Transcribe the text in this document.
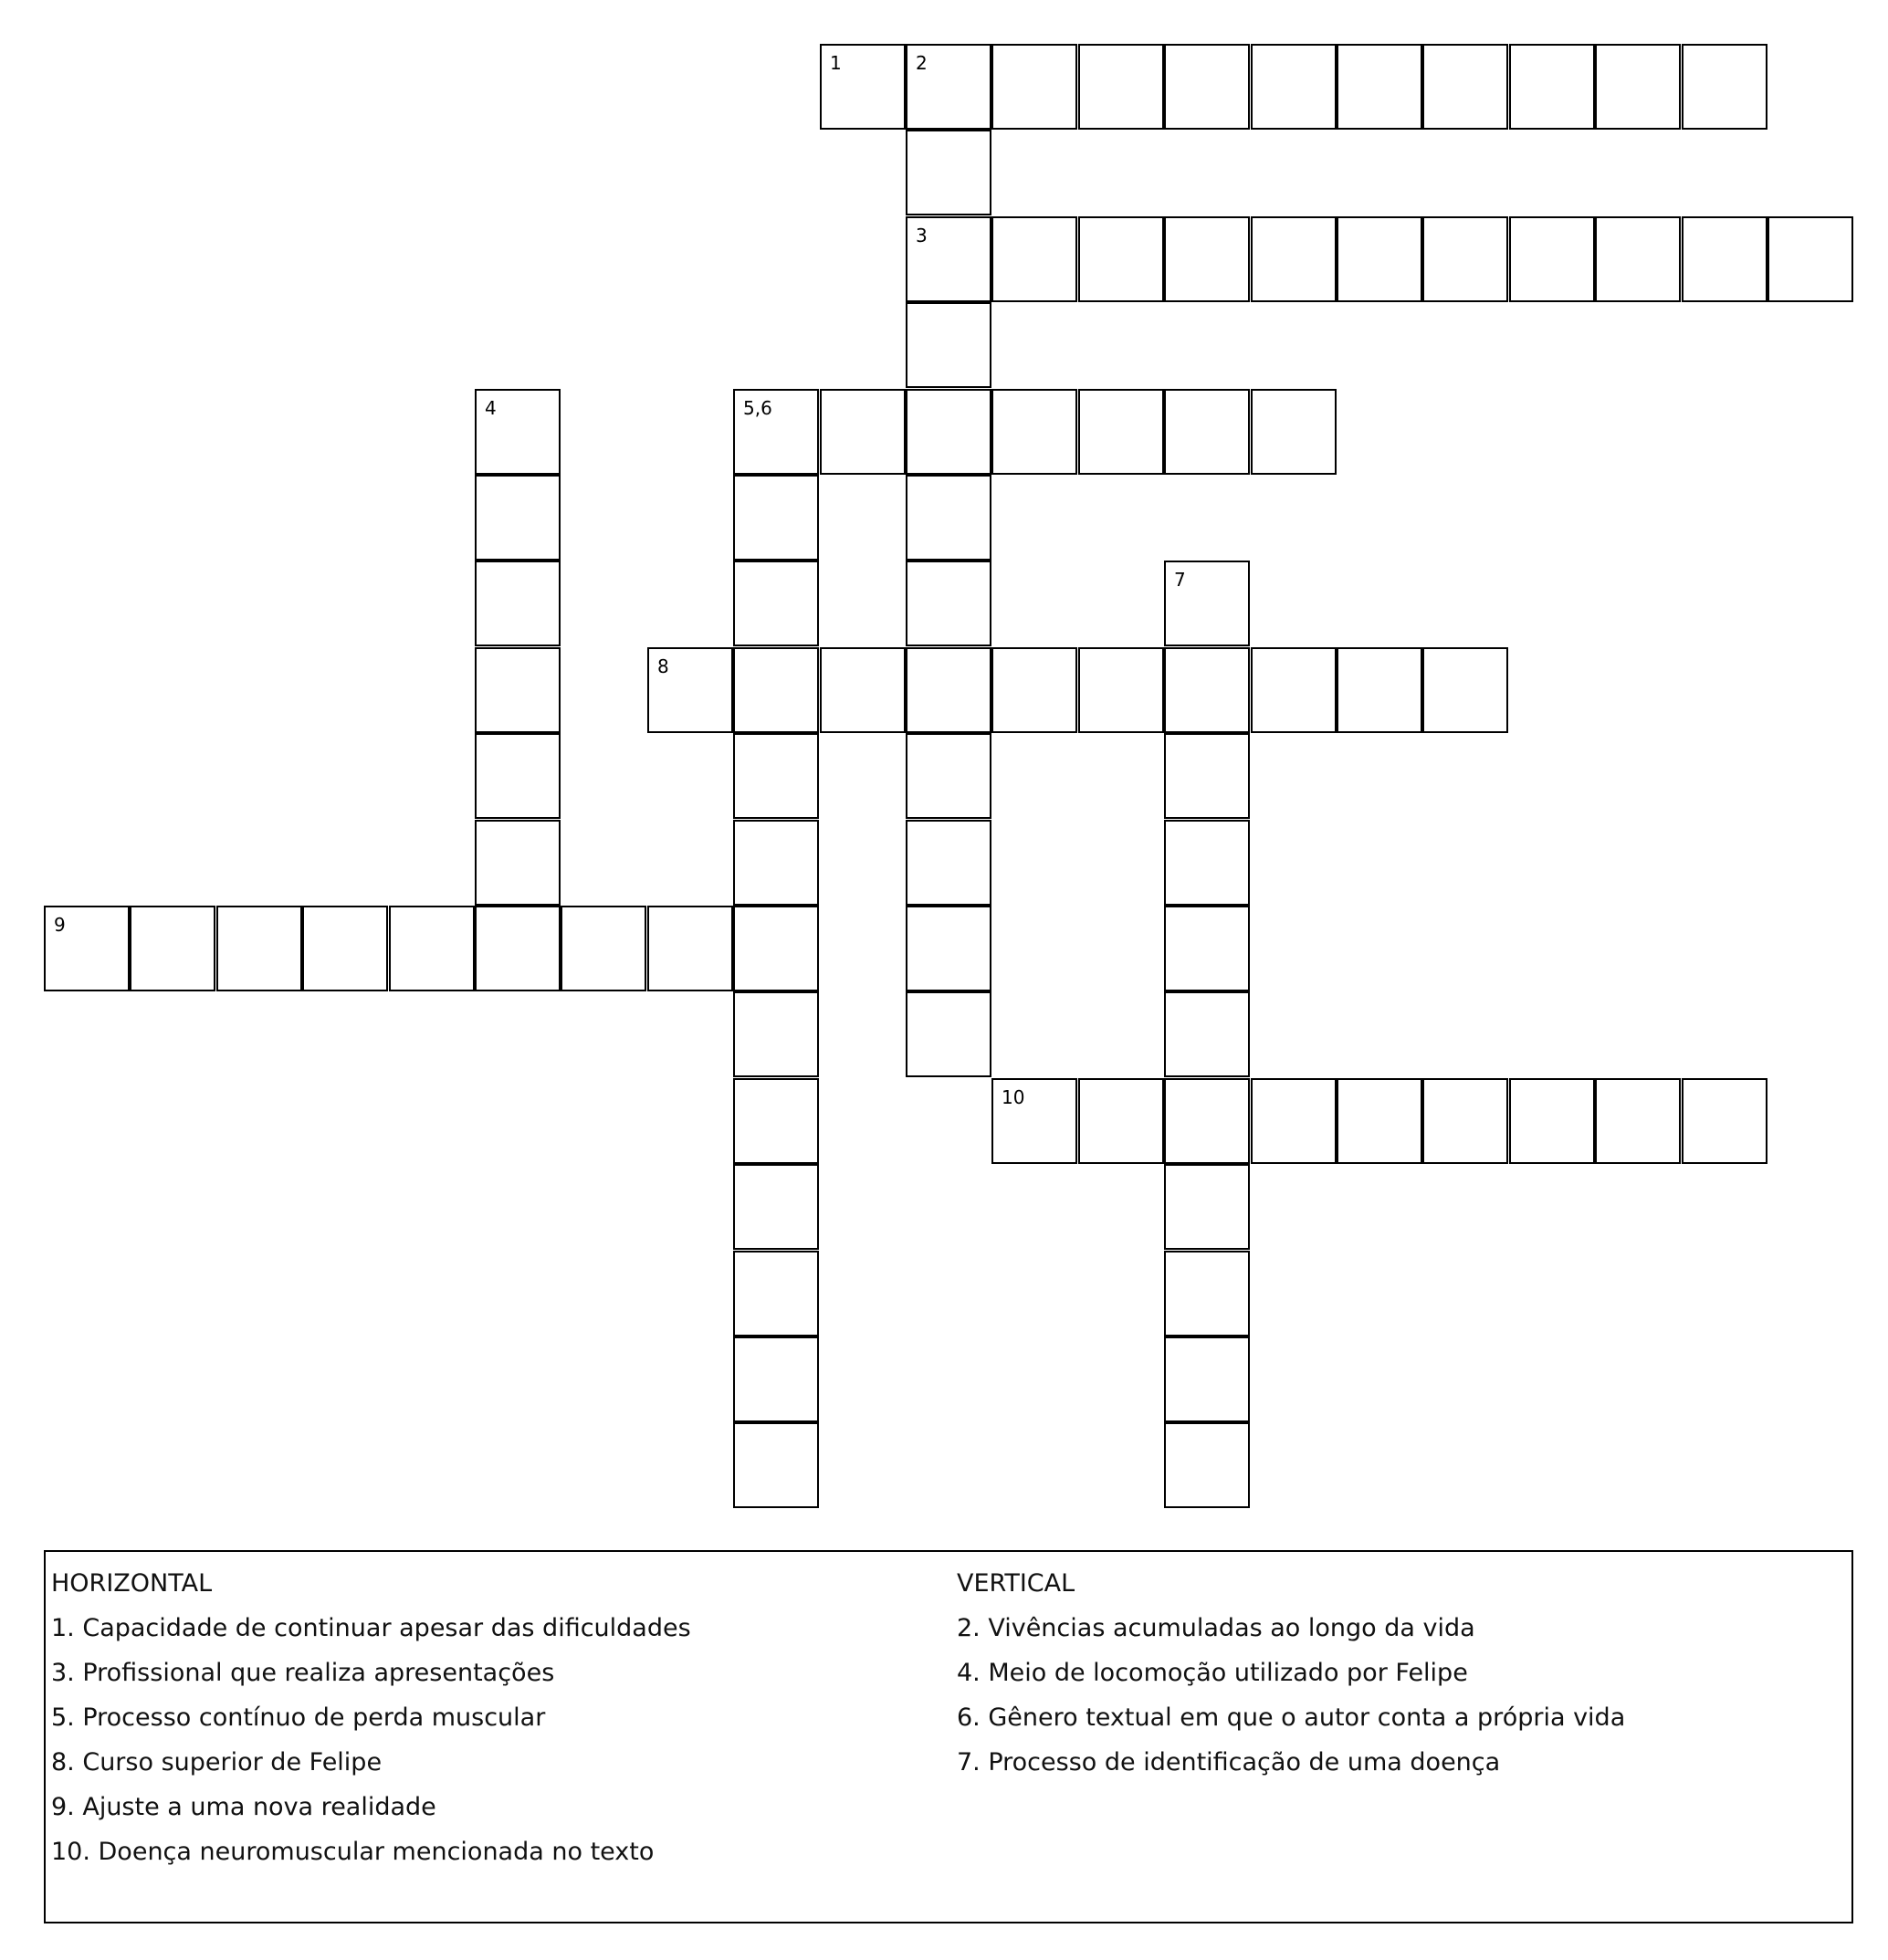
1	2
3
4	5,6
7
8
9
10
HORIZONTAL
1. Capacidade de continuar apesar das dificuldades
3. Profissional que realiza apresentações
5. Processo contínuo de perda muscular
8. Curso superior de Felipe
9. Ajuste a uma nova realidade
10. Doença neuromuscular mencionada no texto
VERTICAL
2. Vivências acumuladas ao longo da vida
4. Meio de locomoção utilizado por Felipe
6. Gênero textual em que o autor conta a própria vida
7. Processo de identificação de uma doença
